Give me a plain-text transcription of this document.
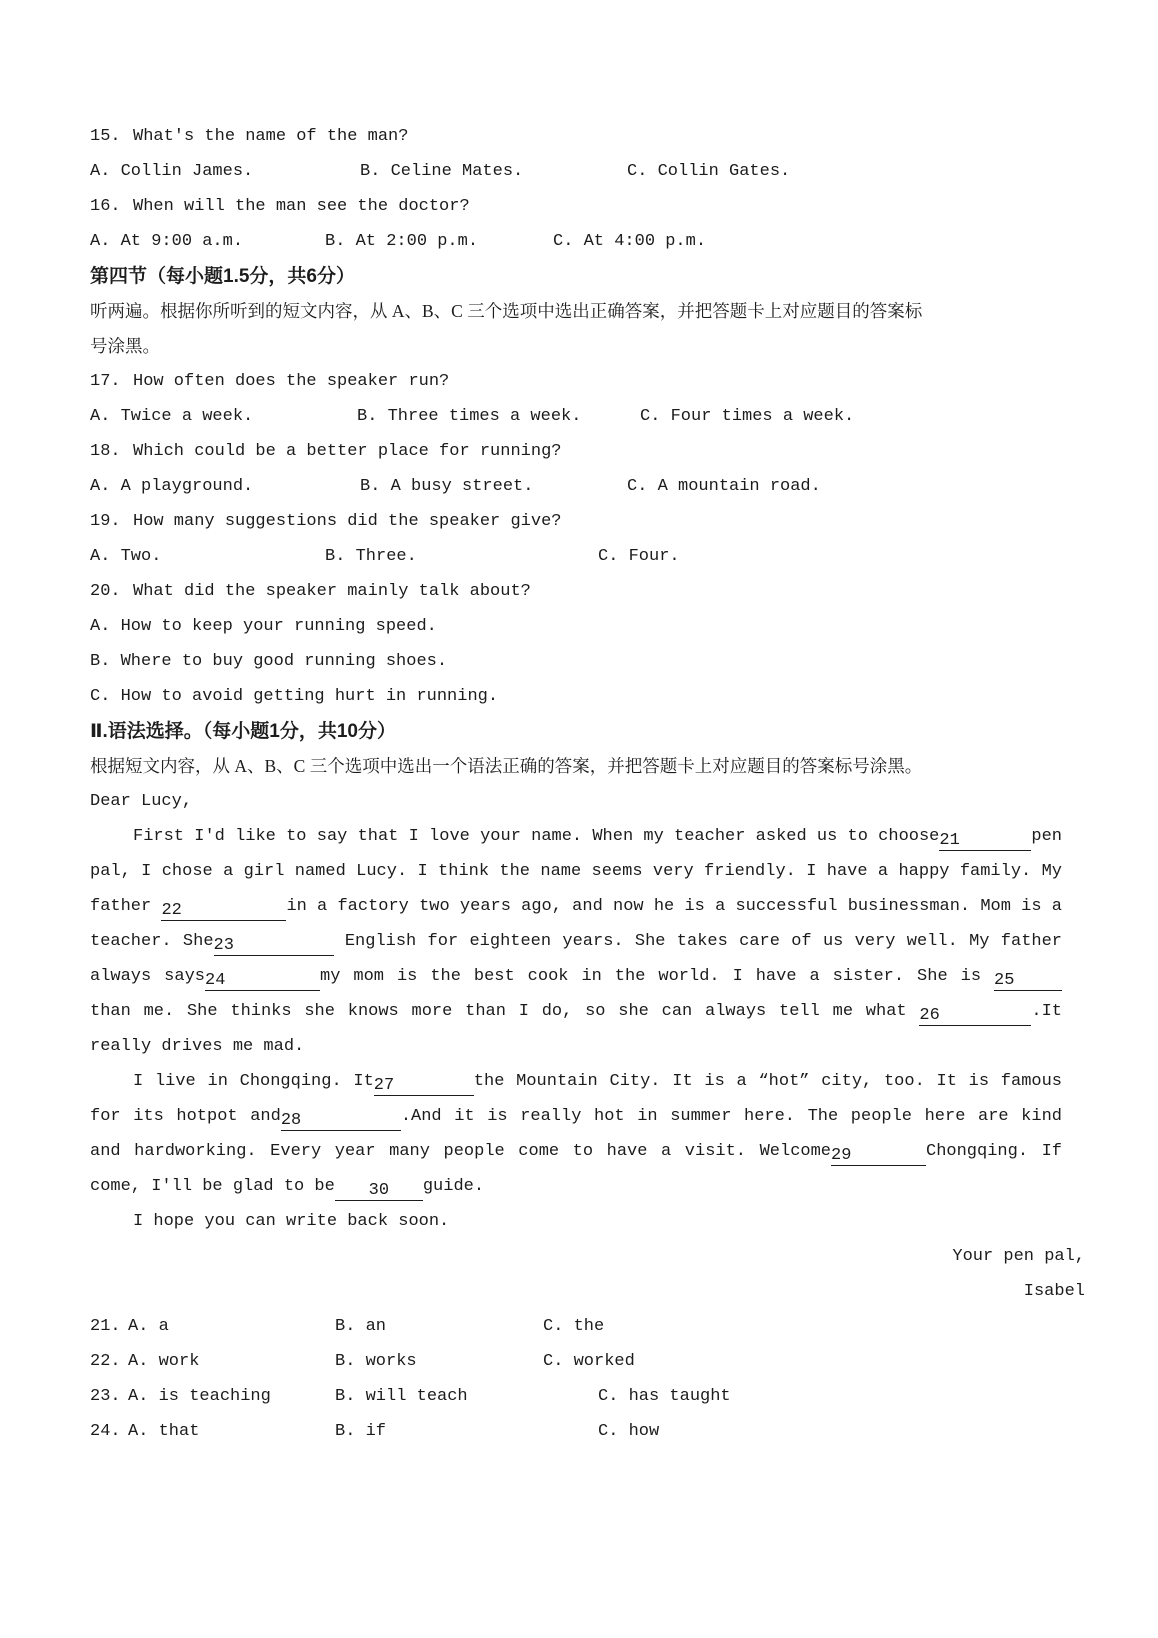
15. What's the name of the man?
A. Collin James.	B. Celine Mates.	C. Collin Gates.
16. When will the man see the doctor?
A. At 9:00 a.m.	B. At 2:00 p.m.	C. At 4:00 p.m.
第四节（每小题1.5分，共6分）
听两遍。根据你所听到的短文内容，从 A、B、C 三个选项中选出正确答案，并把答题卡上对应题目的答案标
号涂黑。
17. How often does the speaker run?
A. Twice a week.	B. Three times a week.	C. Four times a week.
18. Which could be a better place for running?
A. A playground.	B. A busy street.	C. A mountain road.
19. How many suggestions did the speaker give?
A. Two.	B. Three.	C. Four.
20. What did the speaker mainly talk about?
A. How to keep your running speed.
B. Where to buy good running shoes.
C. How to avoid getting hurt in running.
Ⅱ.语法选择。（每小题1分，共10分）
根据短文内容，从 A、B、C 三个选项中选出一个语法正确的答案，并把答题卡上对应题目的答案标号涂黑。
Dear Lucy,
First I'd like to say that I love your name. When my teacher asked us to choose21	pen
pal, I chose a girl named Lucy. I think the name seems very friendly. I have a happy family. My
father 22	in a factory two years ago, and now he is a successful businessman. Mom is a
teacher. She23	English for eighteen years. She takes care of us very well. My father
always says24	my mom is the best cook in the world. I have a sister. She is 25
than me. She thinks she knows more than I do, so she can always tell me what 26	.It
really drives me mad.
I live in Chongqing. It27	the Mountain City. It is a “hot” city, too. It is famous
for its hotpot and28	.And it is really hot in summer here. The people here are kind
and hardworking. Every year many people come to have a visit. Welcome29	Chongqing. If
come, I'll be glad to be 30 guide.
I hope you can write back soon.
Your pen pal,
Isabel
21. A. a	B. an	C. the
22. A. work	B. works	C. worked
23. A. is teaching	B. will teach	C. has taught
24. A. that	B. if	C. how
